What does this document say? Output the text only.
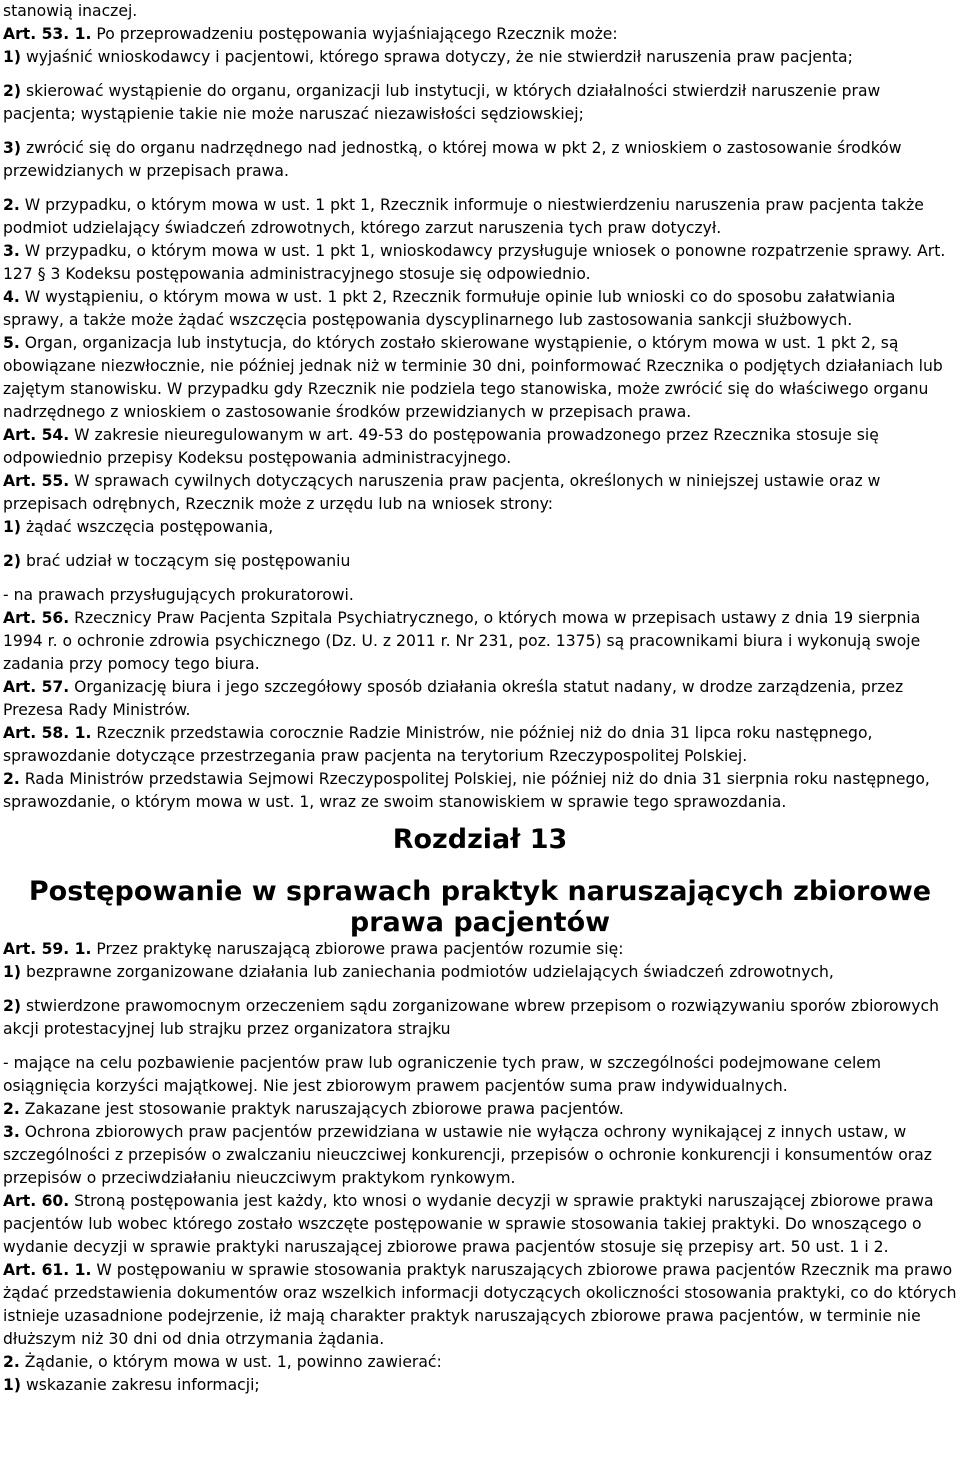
stanowią inaczej.

Art. 53. 1. Po przeprowadzeniu postępowania wyjaśniającego Rzecznik może:

1) wyjaśnić wnioskodawcy i pacjentowi, którego sprawa dotyczy, że nie stwierdził naruszenia praw pacjenta;

2) skierować wystąpienie do organu, organizacji lub instytucji, w których działalności stwierdził naruszenie praw pacjenta; wystąpienie takie nie może naruszać niezawisłości sędziowskiej;

3) zwrócić się do organu nadrzędnego nad jednostką, o której mowa w pkt 2, z wnioskiem o zastosowanie środków przewidzianych w przepisach prawa.

2. W przypadku, o którym mowa w ust. 1 pkt 1, Rzecznik informuje o niestwierdzeniu naruszenia praw pacjenta także podmiot udzielający świadczeń zdrowotnych, którego zarzut naruszenia tych praw dotyczył.

3. W przypadku, o którym mowa w ust. 1 pkt 1, wnioskodawcy przysługuje wniosek o ponowne rozpatrzenie sprawy. Art. 127 § 3 Kodeksu postępowania administracyjnego stosuje się odpowiednio.

4. W wystąpieniu, o którym mowa w ust. 1 pkt 2, Rzecznik formułuje opinie lub wnioski co do sposobu załatwiania sprawy, a także może żądać wszczęcia postępowania dyscyplinarnego lub zastosowania sankcji służbowych.

5. Organ, organizacja lub instytucja, do których zostało skierowane wystąpienie, o którym mowa w ust. 1 pkt 2, są obowiązane niezwłocznie, nie później jednak niż w terminie 30 dni, poinformować Rzecznika o podjętych działaniach lub zajętym stanowisku. W przypadku gdy Rzecznik nie podziela tego stanowiska, może zwrócić się do właściwego organu nadrzędnego z wnioskiem o zastosowanie środków przewidzianych w przepisach prawa.

Art. 54. W zakresie nieuregulowanym w art. 49-53 do postępowania prowadzonego przez Rzecznika stosuje się odpowiednio przepisy Kodeksu postępowania administracyjnego.

Art. 55. W sprawach cywilnych dotyczących naruszenia praw pacjenta, określonych w niniejszej ustawie oraz w przepisach odrębnych, Rzecznik może z urzędu lub na wniosek strony:

1) żądać wszczęcia postępowania,

2) brać udział w toczącym się postępowaniu

- na prawach przysługujących prokuratorowi.

Art. 56. Rzecznicy Praw Pacjenta Szpitala Psychiatrycznego, o których mowa w przepisach ustawy z dnia 19 sierpnia 1994 r. o ochronie zdrowia psychicznego (Dz. U. z 2011 r. Nr 231, poz. 1375) są pracownikami biura i wykonują swoje zadania przy pomocy tego biura.

Art. 57. Organizację biura i jego szczegółowy sposób działania określa statut nadany, w drodze zarządzenia, przez Prezesa Rady Ministrów.

Art. 58. 1. Rzecznik przedstawia corocznie Radzie Ministrów, nie później niż do dnia 31 lipca roku następnego, sprawozdanie dotyczące przestrzegania praw pacjenta na terytorium Rzeczypospolitej Polskiej.

2. Rada Ministrów przedstawia Sejmowi Rzeczypospolitej Polskiej, nie później niż do dnia 31 sierpnia roku następnego, sprawozdanie, o którym mowa w ust. 1, wraz ze swoim stanowiskiem w sprawie tego sprawozdania.

Rozdział 13
Postępowanie w sprawach praktyk naruszających zbiorowe prawa pacjentów

Art. 59. 1. Przez praktykę naruszającą zbiorowe prawa pacjentów rozumie się:

1) bezprawne zorganizowane działania lub zaniechania podmiotów udzielających świadczeń zdrowotnych,

2) stwierdzone prawomocnym orzeczeniem sądu zorganizowane wbrew przepisom o rozwiązywaniu sporów zbiorowych akcji protestacyjnej lub strajku przez organizatora strajku

- mające na celu pozbawienie pacjentów praw lub ograniczenie tych praw, w szczególności podejmowane celem osiągnięcia korzyści majątkowej. Nie jest zbiorowym prawem pacjentów suma praw indywidualnych.

2. Zakazane jest stosowanie praktyk naruszających zbiorowe prawa pacjentów.

3. Ochrona zbiorowych praw pacjentów przewidziana w ustawie nie wyłącza ochrony wynikającej z innych ustaw, w szczególności z przepisów o zwalczaniu nieuczciwej konkurencji, przepisów o ochronie konkurencji i konsumentów oraz przepisów o przeciwdziałaniu nieuczciwym praktykom rynkowym.

Art. 60. Stroną postępowania jest każdy, kto wnosi o wydanie decyzji w sprawie praktyki naruszającej zbiorowe prawa pacjentów lub wobec którego zostało wszczęte postępowanie w sprawie stosowania takiej praktyki. Do wnoszącego o wydanie decyzji w sprawie praktyki naruszającej zbiorowe prawa pacjentów stosuje się przepisy art. 50 ust. 1 i 2.

Art. 61. 1. W postępowaniu w sprawie stosowania praktyk naruszających zbiorowe prawa pacjentów Rzecznik ma prawo żądać przedstawienia dokumentów oraz wszelkich informacji dotyczących okoliczności stosowania praktyki, co do których istnieje uzasadnione podejrzenie, iż mają charakter praktyk naruszających zbiorowe prawa pacjentów, w terminie nie dłuższym niż 30 dni od dnia otrzymania żądania.

2. Żądanie, o którym mowa w ust. 1, powinno zawierać:

1) wskazanie zakresu informacji;
